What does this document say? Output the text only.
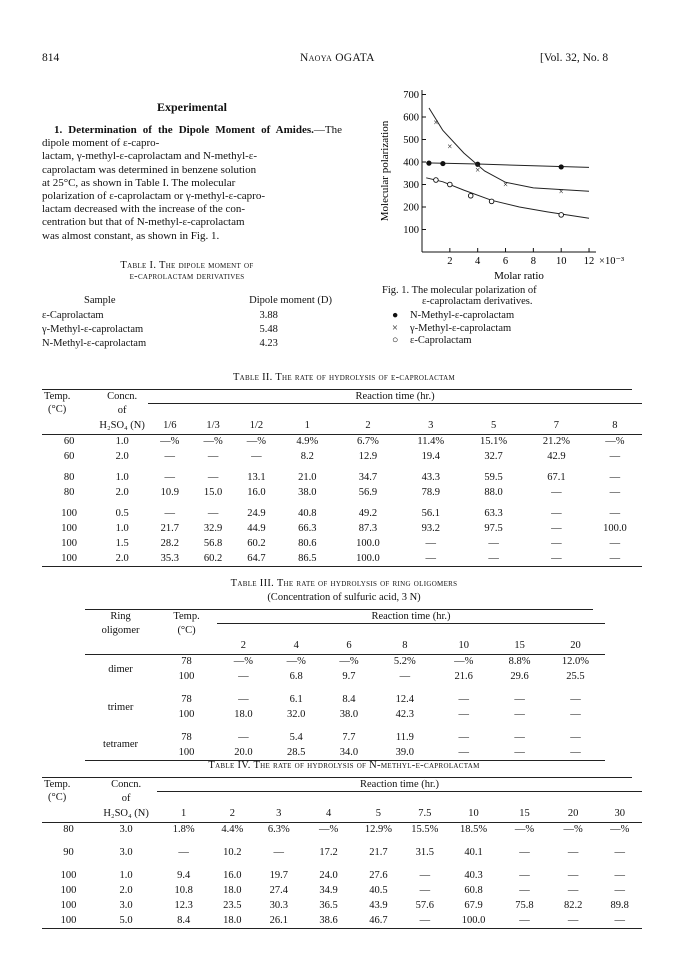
814	Naoya OGATA	[Vol. 32, No. 8
Experimental
1. Determination of the Dipole Moment of Amides.—The dipole moment of ε-capro-
lactam, γ-methyl-ε-caprolactam and N-methyl-ε-
caprolactam was determined in benzene solution
at 25°C, as shown in Table I. The molecular
polarization of ε-caprolactam or γ-methyl-ε-capro-
lactam decreased with the increase of the con-
centration but that of N-methyl-ε-caprolactam
was almost constant, as shown in Fig. 1.
Table I. The dipole moment of
ε-caprolactam derivatives
Sample	Dipole moment (D)
ε-Caprolactam	3.88
γ-Methyl-ε-caprolactam	5.48
N-Methyl-ε-caprolactam	4.23
100
200
300
400
500
600
700
2 4 6 8 10 12 ×10⁻³
Molar ratio
Molecular polarization	×
×
×
×
×
Fig. 1. The molecular polarization of
ε-caprolactam derivatives.
● N-Methyl-ε-caprolactam
× γ-Methyl-ε-caprolactam
○ ε-Caprolactam
Table II. The rate of hydrolysis of ε-caprolactam
Temp.	Concn.	Reaction time (hr.)								
(°C)	of									
	H₂SO₄ (N)	1/6	1/3	1/2	1	2	3	5	7	8
60	1.0	—%	—%	—%	4.9%	6.7%	11.4%	15.1%	21.2%	—%
60	2.0	—	—	—	8.2	12.9	19.4	32.7	42.9	—

80	1.0	—	—	13.1	21.0	34.7	43.3	59.5	67.1	—
80	2.0	10.9	15.0	16.0	38.0	56.9	78.9	88.0	—	—

100	0.5	—	—	24.9	40.8	49.2	56.1	63.3	—	—
100	1.0	21.7	32.9	44.9	66.3	87.3	93.2	97.5	—	100.0
100	1.5	28.2	56.8	60.2	80.6	100.0	—	—	—	—
100	2.0	35.3	60.2	64.7	86.5	100.0	—	—	—	—
Table III. The rate of hydrolysis of ring oligomers
(Concentration of sulfuric acid, 3 N)
Ring	Temp.	Reaction time (hr.)						
oligomer	(°C)							
		2	4	6	8	10	15	20
dimer	78	—%	—%	—%	5.2%	—%	8.8%	12.0%
	100	—	6.8	9.7	—	21.6	29.6	25.5

trimer	78	—	6.1	8.4	12.4	—	—	—
	100	18.0	32.0	38.0	42.3	—	—	—

tetramer	78	—	5.4	7.7	11.9	—	—	—
	100	20.0	28.5	34.0	39.0	—	—	—
Table IV. The rate of hydrolysis of N-methyl-ε-caprolactam
Temp.	Concn.	Reaction time (hr.)									
(°C)	of										
	H₂SO₄ (N)	1	2	3	4	5	7.5	10	15	20	30
80	3.0	1.8%	4.4%	6.3%	—%	12.9%	15.5%	18.5%	—%	—%	—%

90	3.0	—	10.2	—	17.2	21.7	31.5	40.1	—	—	—

100	1.0	9.4	16.0	19.7	24.0	27.6	—	40.3	—	—	—
100	2.0	10.8	18.0	27.4	34.9	40.5	—	60.8	—	—	—
100	3.0	12.3	23.5	30.3	36.5	43.9	57.6	67.9	75.8	82.2	89.8
100	5.0	8.4	18.0	26.1	38.6	46.7	—	100.0	—	—	—
